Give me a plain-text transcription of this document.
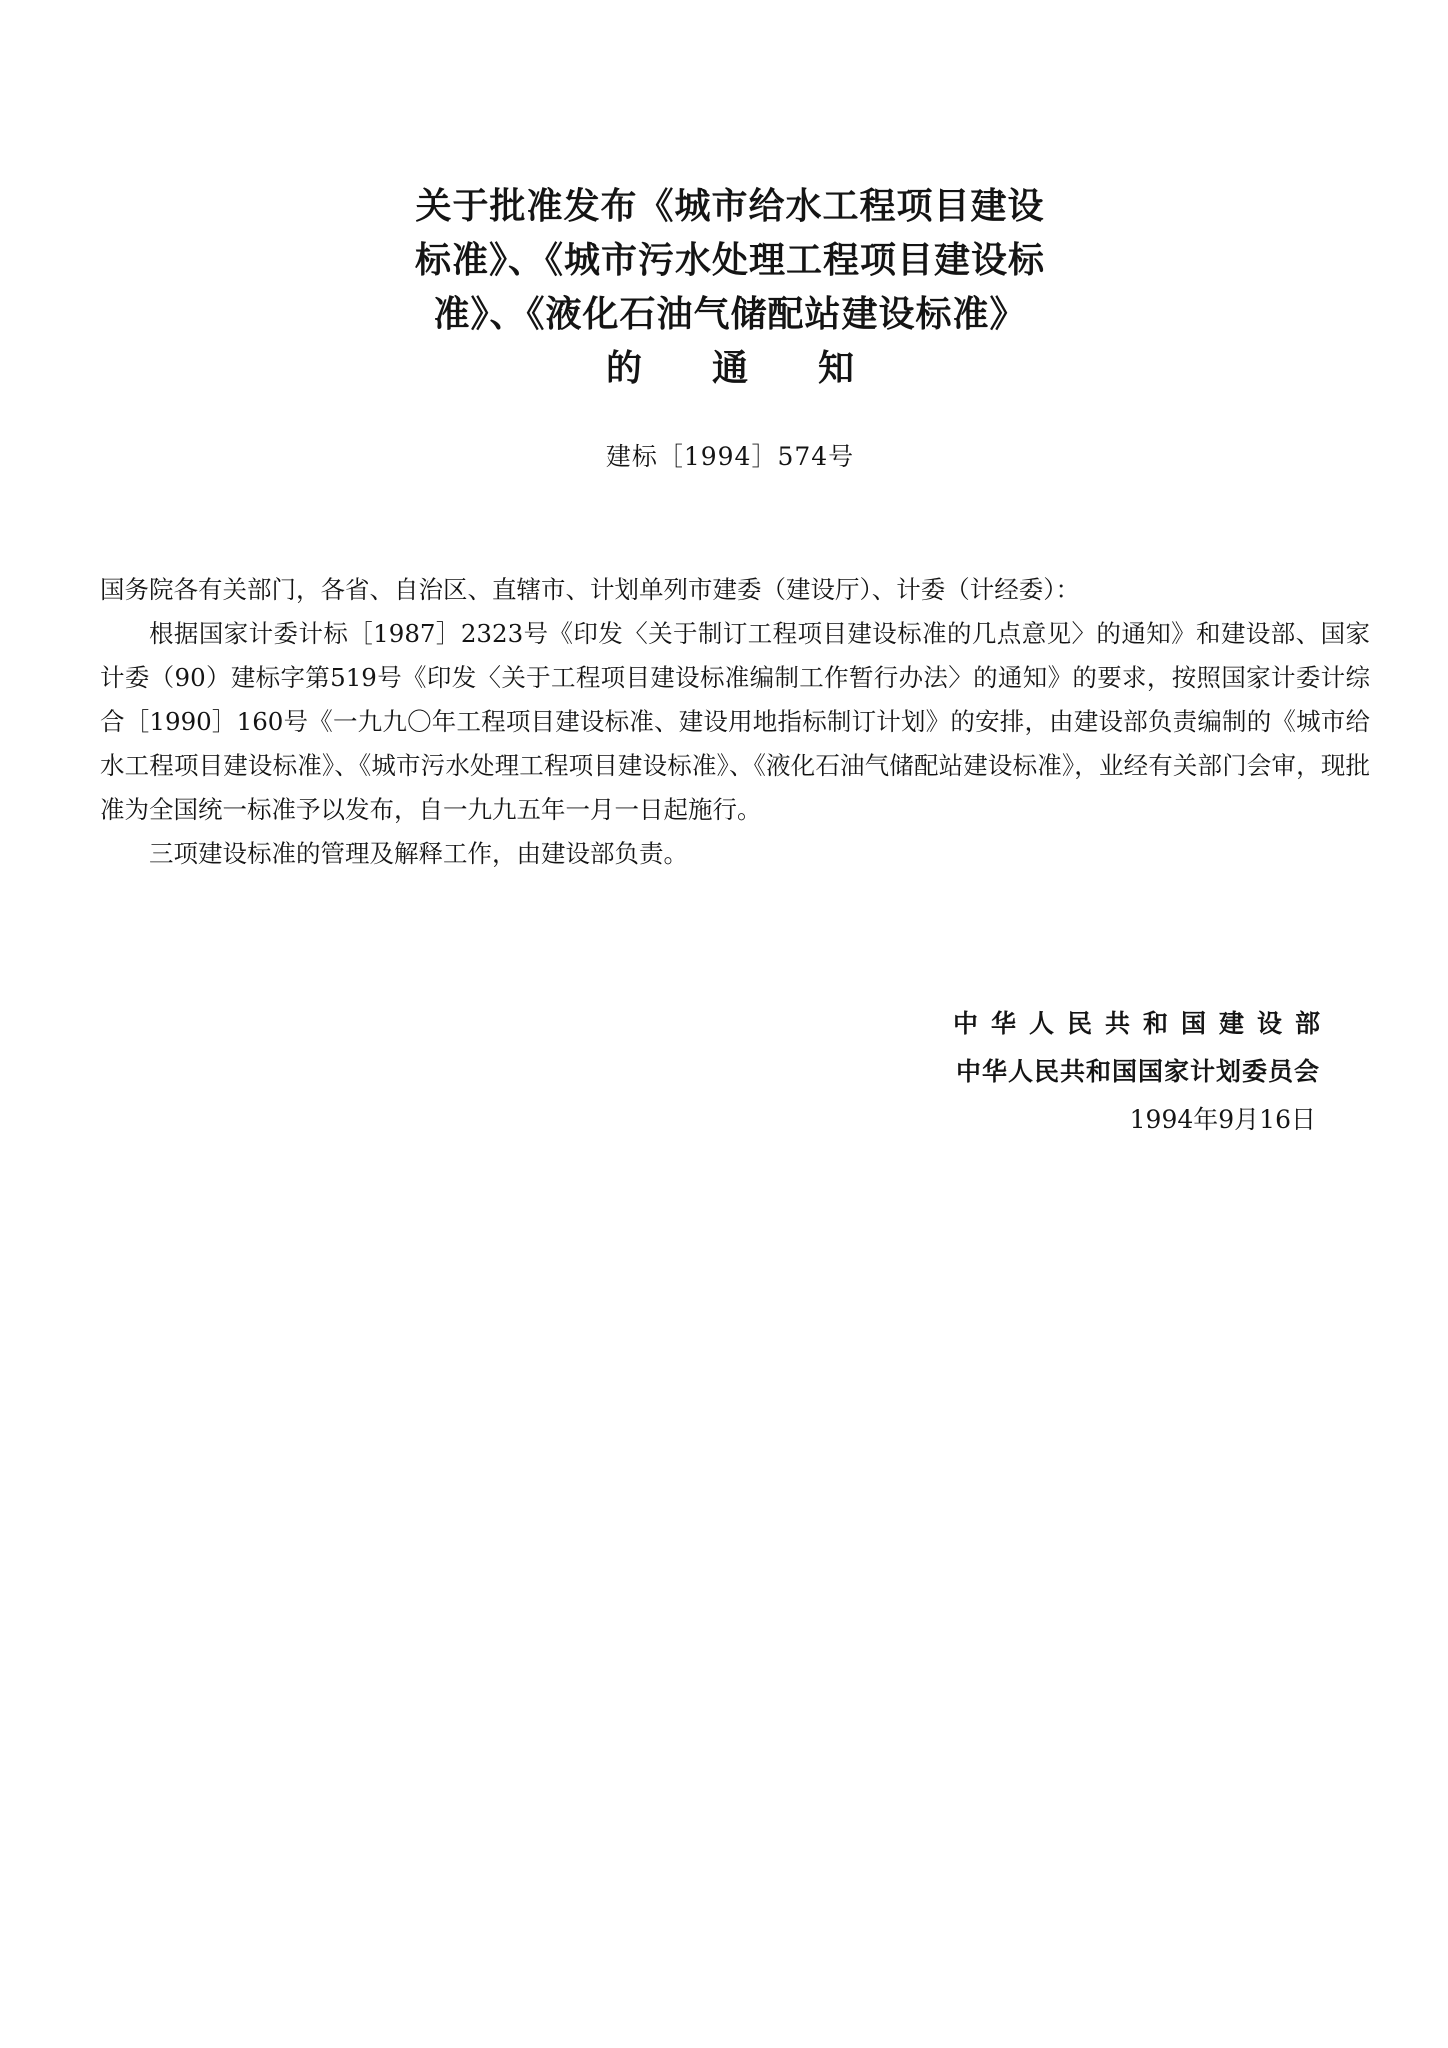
关于批准发布《城市给水工程项目建设
标准》、《城市污水处理工程项目建设标
准》、《液化石油气储配站建设标准》
的通知
建标［1994］574号

国务院各有关部门，各省、自治区、直辖市、计划单列市建委（建设厅）、计委（计经委）：

根据国家计委计标［1987］2323号《印发〈关于制订工程项目建设标准的几点意见〉的通知》和建设部、国家计委（90）建标字第519号《印发〈关于工程项目建设标准编制工作暂行办法〉的通知》的要求，按照国家计委计综合［1990］160号《一九九〇年工程项目建设标准、建设用地指标制订计划》的安排，由建设部负责编制的《城市给水工程项目建设标准》、《城市污水处理工程项目建设标准》、《液化石油气储配站建设标准》，业经有关部门会审，现批准为全国统一标准予以发布，自一九九五年一月一日起施行。

三项建设标准的管理及解释工作，由建设部负责。

中华人民共和国建设部
中华人民共和国国家计划委员会
1994年9月16日
